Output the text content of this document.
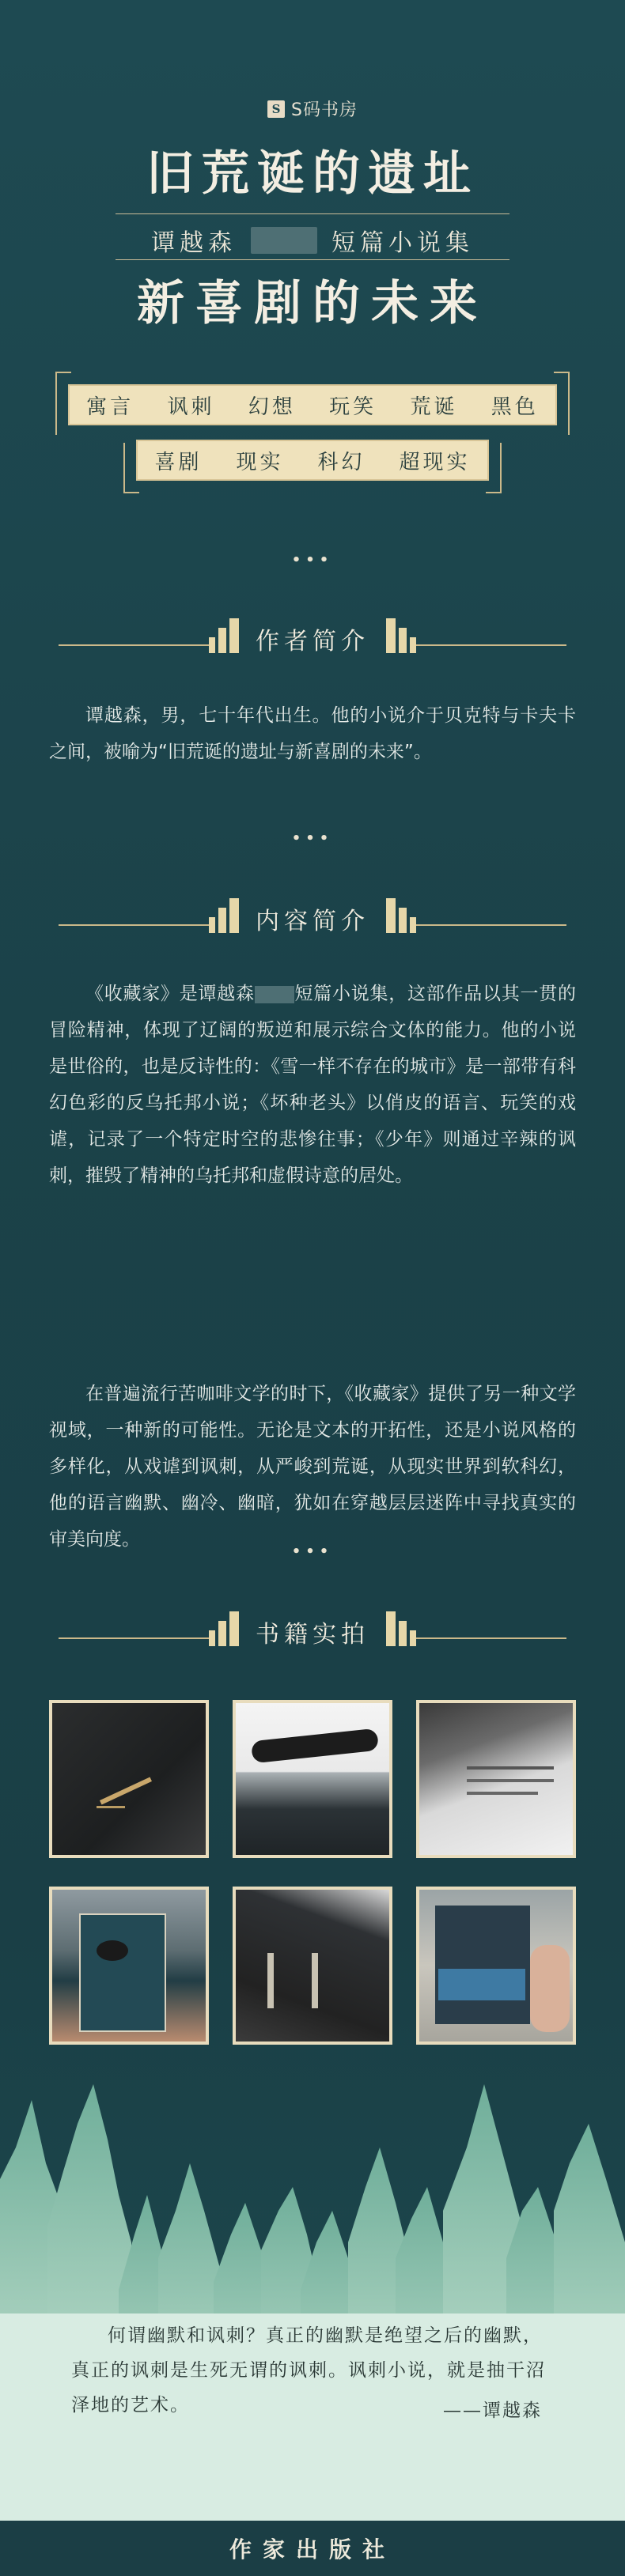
S S码书房
旧荒诞的遗址
谭越森	短篇小说集
新喜剧的未来
寓言 讽刺 幻想 玩笑 荒诞 黑色
喜剧 现实 科幻 超现实
•••
作者简介
谭越森，男，七十年代出生。他的小说介于贝克特与卡夫卡之间，被喻为“旧荒诞的遗址与新喜剧的未来”。
•••
内容简介
《收藏家》是谭越森 短篇小说集，这部作品以其一贯的冒险精神，体现了辽阔的叛逆和展示综合文体的能力。他的小说是世俗的，也是反诗性的：《雪一样不存在的城市》是一部带有科幻色彩的反乌托邦小说；《坏种老头》以俏皮的语言、玩笑的戏谑，记录了一个特定时空的悲惨往事；《少年》则通过辛辣的讽刺，摧毁了精神的乌托邦和虚假诗意的居处。
在普遍流行苦咖啡文学的时下，《收藏家》提供了另一种文学视域，一种新的可能性。无论是文本的开拓性，还是小说风格的多样化，从戏谑到讽刺，从严峻到荒诞，从现实世界到软科幻，他的语言幽默、幽冷、幽暗，犹如在穿越层层迷阵中寻找真实的审美向度。
•••
书籍实拍
何谓幽默和讽刺？真正的幽默是绝望之后的幽默，真正的讽刺是生死无谓的讽刺。讽刺小说，就是抽干沼泽地的艺术。	——谭越森
作家出版社
